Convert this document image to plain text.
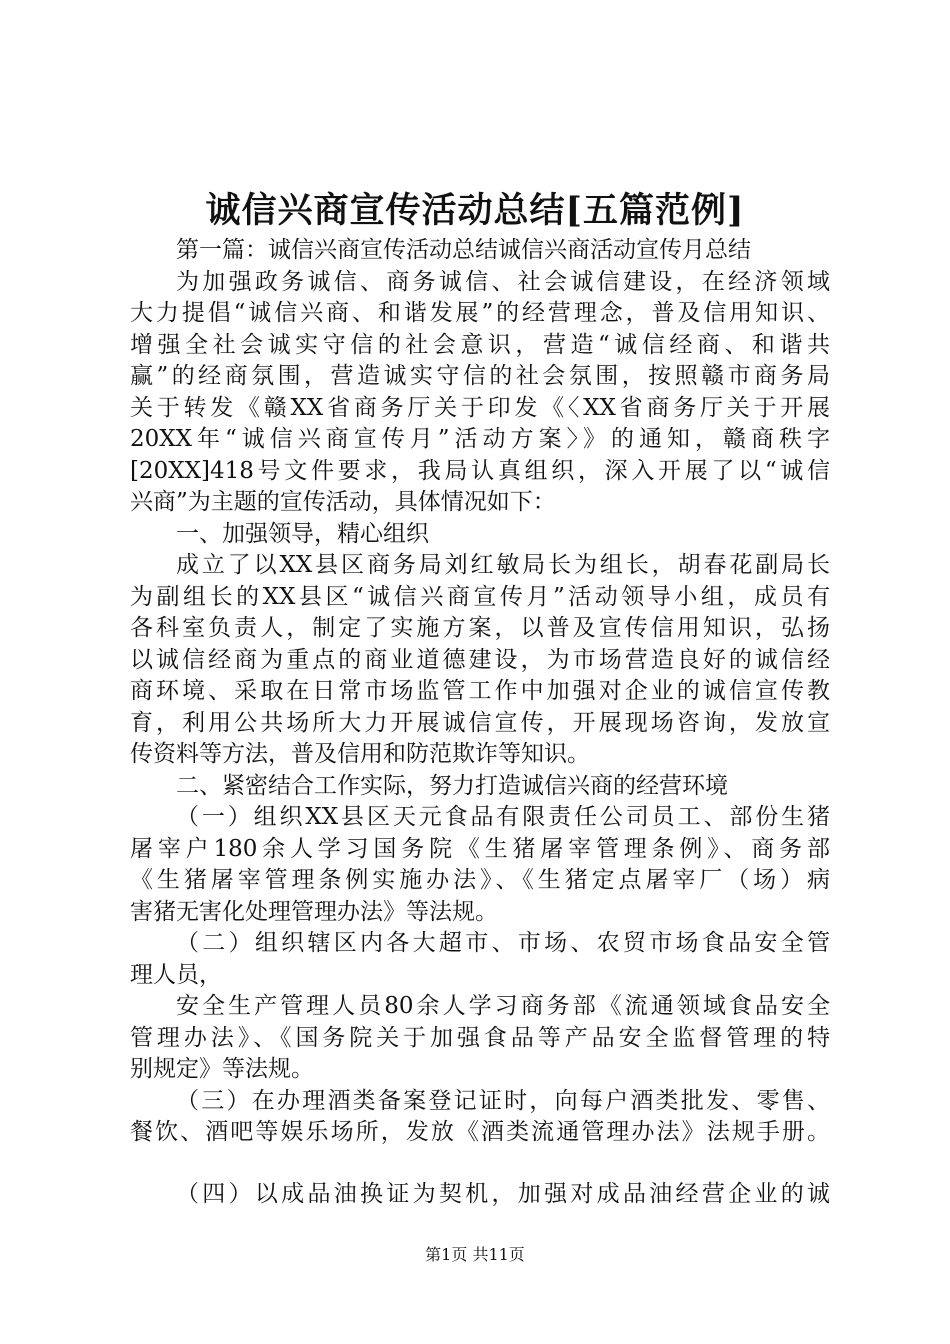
诚信兴商宣传活动总结[五篇范例]
第一篇：诚信兴商宣传活动总结诚信兴商活动宣传月总结
为加强政务诚信、商务诚信、社会诚信建设，在经济领域
大力提倡“诚信兴商、和谐发展”的经营理念，普及信用知识、
增强全社会诚实守信的社会意识，营造“诚信经商、和谐共
赢”的经商氛围，营造诚实守信的社会氛围，按照赣市商务局
关于转发《赣XX省商务厅关于印发《〈XX省商务厅关于开展
20XX年“诚信兴商宣传月”活动方案〉》的通知，赣商秩字
[20XX]418号文件要求，我局认真组织，深入开展了以“诚信
兴商”为主题的宣传活动，具体情况如下：
一、加强领导，精心组织
成立了以XX县区商务局刘红敏局长为组长，胡春花副局长
为副组长的XX县区“诚信兴商宣传月”活动领导小组，成员有
各科室负责人，制定了实施方案，以普及宣传信用知识，弘扬
以诚信经商为重点的商业道德建设，为市场营造良好的诚信经
商环境、采取在日常市场监管工作中加强对企业的诚信宣传教
育，利用公共场所大力开展诚信宣传，开展现场咨询，发放宣
传资料等方法，普及信用和防范欺诈等知识。
二、紧密结合工作实际，努力打造诚信兴商的经营环境
（一）组织XX县区天元食品有限责任公司员工、部份生猪
屠宰户180余人学习国务院《生猪屠宰管理条例》、商务部
《生猪屠宰管理条例实施办法》、《生猪定点屠宰厂（场）病
害猪无害化处理管理办法》等法规。
（二）组织辖区内各大超市、市场、农贸市场食品安全管
理人员，
安全生产管理人员80余人学习商务部《流通领域食品安全
管理办法》、《国务院关于加强食品等产品安全监督管理的特
别规定》等法规。
（三）在办理酒类备案登记证时，向每户酒类批发、零售、
餐饮、酒吧等娱乐场所，发放《酒类流通管理办法》法规手册。
（四）以成品油换证为契机，加强对成品油经营企业的诚
第1页 共11页
